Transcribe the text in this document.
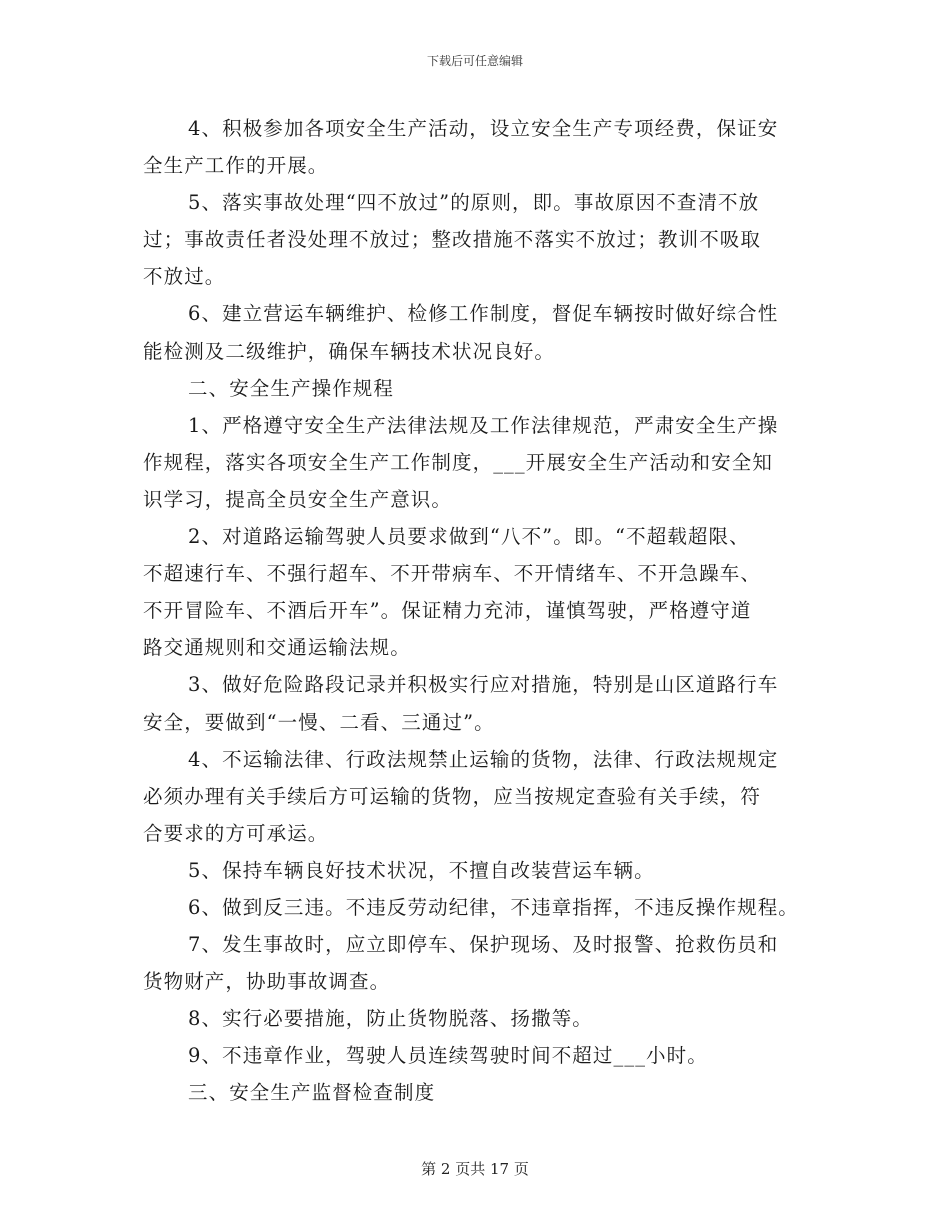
下载后可任意编辑
4、积极参加各项安全生产活动，设立安全生产专项经费，保证安
全生产工作的开展。
5、落实事故处理“四不放过”的原则，即。事故原因不查清不放
过；事故责任者没处理不放过；整改措施不落实不放过；教训不吸取
不放过。
6、建立营运车辆维护、检修工作制度，督促车辆按时做好综合性
能检测及二级维护，确保车辆技术状况良好。
二、安全生产操作规程
1、严格遵守安全生产法律法规及工作法律规范，严肃安全生产操
作规程，落实各项安全生产工作制度，___开展安全生产活动和安全知
识学习，提高全员安全生产意识。
2、对道路运输驾驶人员要求做到“八不”。即。“不超载超限、
不超速行车、不强行超车、不开带病车、不开情绪车、不开急躁车、
不开冒险车、不酒后开车”。保证精力充沛，谨慎驾驶，严格遵守道
路交通规则和交通运输法规。
3、做好危险路段记录并积极实行应对措施，特别是山区道路行车
安全，要做到“一慢、二看、三通过”。
4、不运输法律、行政法规禁止运输的货物，法律、行政法规规定
必须办理有关手续后方可运输的货物，应当按规定查验有关手续，符
合要求的方可承运。
5、保持车辆良好技术状况，不擅自改装营运车辆。
6、做到反三违。不违反劳动纪律，不违章指挥，不违反操作规程。
7、发生事故时，应立即停车、保护现场、及时报警、抢救伤员和
货物财产，协助事故调查。
8、实行必要措施，防止货物脱落、扬撒等。
9、不违章作业，驾驶人员连续驾驶时间不超过___小时。
三、安全生产监督检查制度
第 2 页共 17 页
